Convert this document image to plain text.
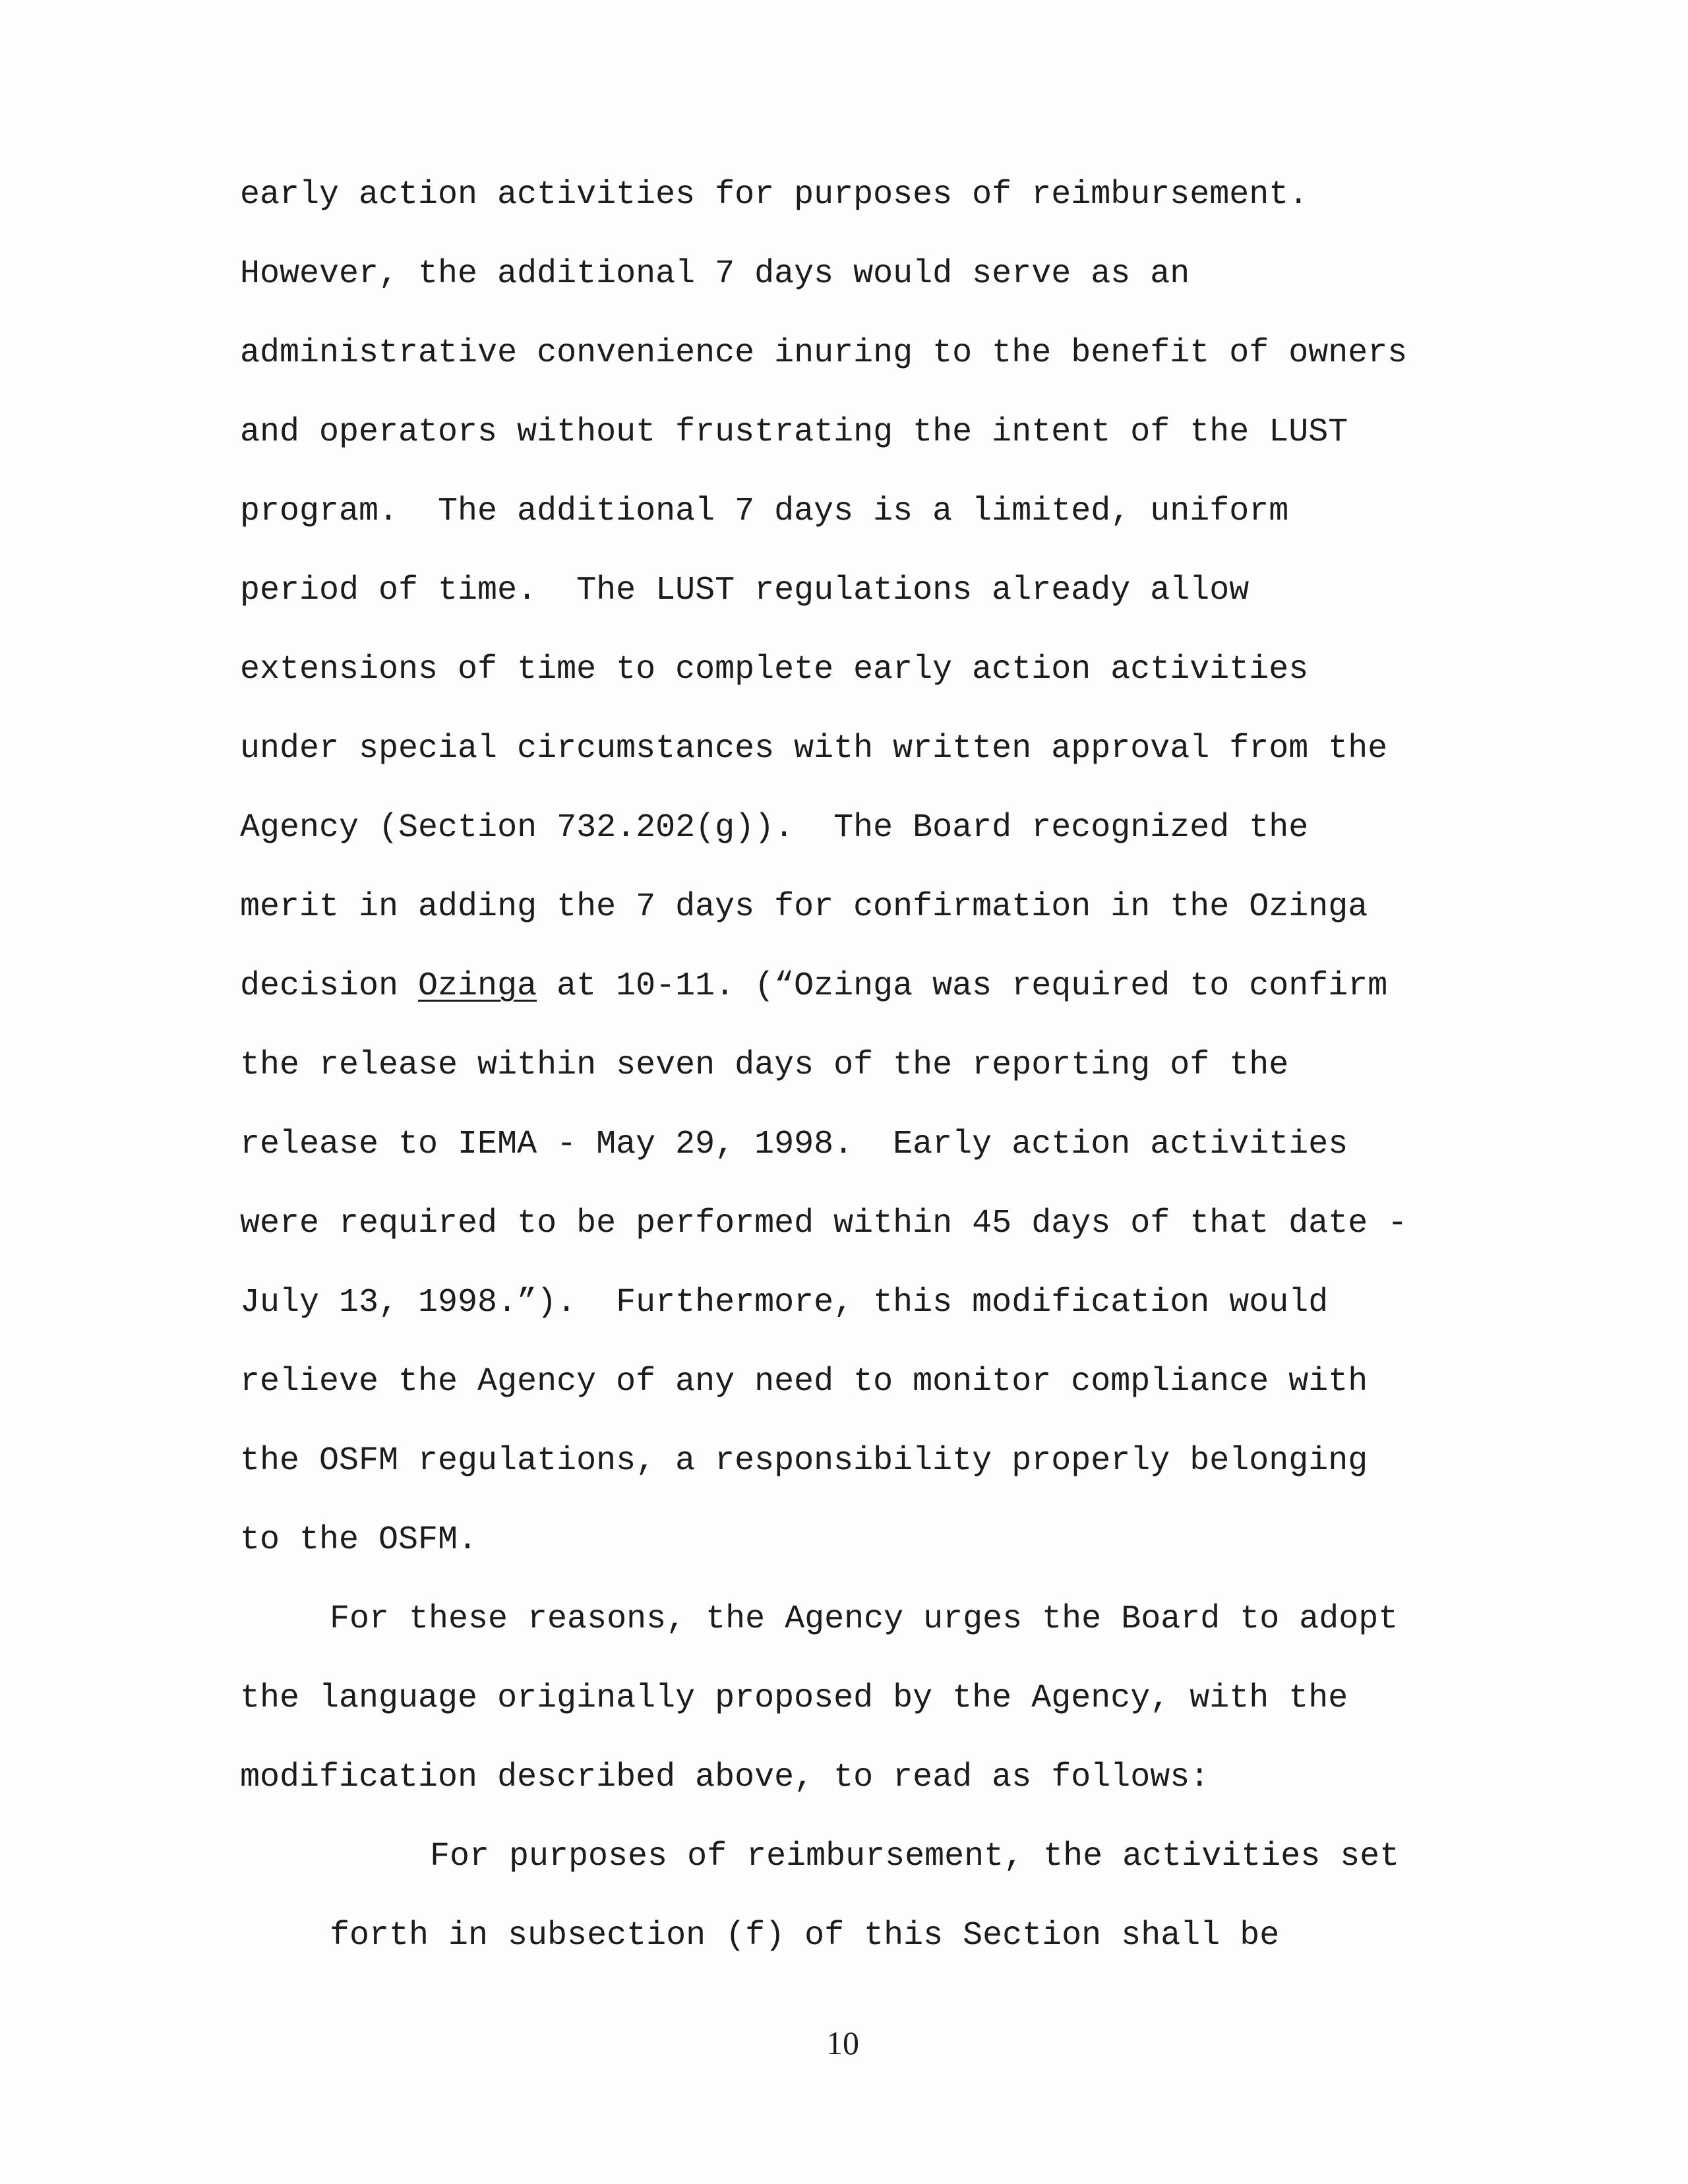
early action activities for purposes of reimbursement.
However, the additional 7 days would serve as an
administrative convenience inuring to the benefit of owners
and operators without frustrating the intent of the LUST
program.  The additional 7 days is a limited, uniform
period of time.  The LUST regulations already allow
extensions of time to complete early action activities
under special circumstances with written approval from the
Agency (Section 732.202(g)).  The Board recognized the
merit in adding the 7 days for confirmation in the Ozinga
decision Ozinga at 10-11. (“Ozinga was required to confirm
the release within seven days of the reporting of the
release to IEMA - May 29, 1998.  Early action activities
were required to be performed within 45 days of that date -
July 13, 1998.”).  Furthermore, this modification would
relieve the Agency of any need to monitor compliance with
the OSFM regulations, a responsibility properly belonging
to the OSFM.
For these reasons, the Agency urges the Board to adopt
the language originally proposed by the Agency, with the
modification described above, to read as follows:
For purposes of reimbursement, the activities set
forth in subsection (f) of this Section shall be
10
